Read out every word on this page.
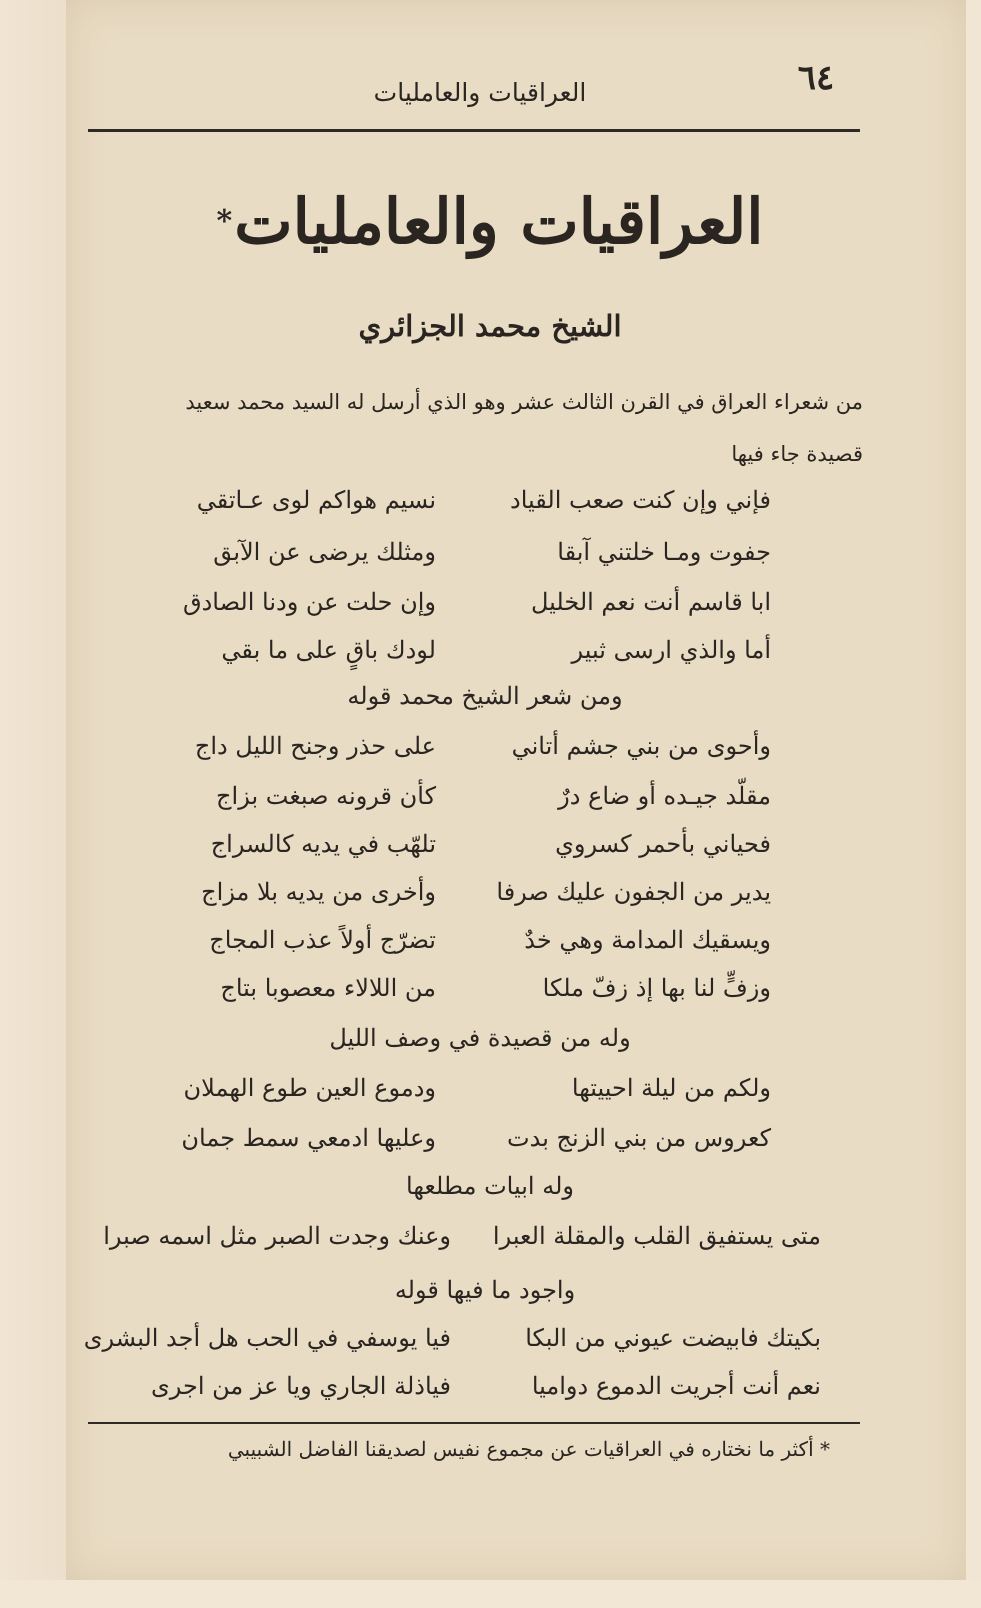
٦٤
العراقيات والعامليات
العراقيات والعامليات*
الشيخ محمد الجزائري

من شعراء العراق في القرن الثالث عشر وهو الذي أرسل له السيد محمد سعيد

قصيدة جاء فيها

فإني وإن كنت صعب القياد
نسيم هواكم لوى عـاتقي
جفوت ومـا خلتني آبقا
ومثلك يرضى عن الآبق
ابا قاسم أنت نعم الخليل
وإن حلت عن ودنا الصادق
أما والذي ارسى ثبير
لودك باقٍ على ما بقي
ومن شعر الشيخ محمد قوله
وأحوى من بني جشم أتاني
على حذر وجنح الليل داج
مقلّد جيـده أو ضاع درٌ
كأن قرونه صبغت بزاج
فحياني بأحمر كسروي
تلهّب في يديه كالسراج
يدير من الجفون عليك صرفا
وأخرى من يديه بلا مزاج
ويسقيك المدامة وهي خدٌ
تضرّج أولاً عذب المجاج
وزفٍّ لنا بها إذ زفّ ملكا
من اللالاء معصوبا بتاج
وله من قصيدة في وصف الليل
ولكم من ليلة احييتها
ودموع العين طوع الهملان
كعروس من بني الزنج بدت
وعليها ادمعي سمط جمان
وله ابيات مطلعها
متى يستفيق القلب والمقلة العبرا
وعنك وجدت الصبر مثل اسمه صبرا
واجود ما فيها قوله
بكيتك فابيضت عيوني من البكا
فيا يوسفي في الحب هل أجد البشرى
نعم أنت أجريت الدموع دواميا
فياذلة الجاري ويا عز من اجرى
* أكثر ما نختاره في العراقيات عن مجموع نفيس لصديقنا الفاضل الشبيبي
